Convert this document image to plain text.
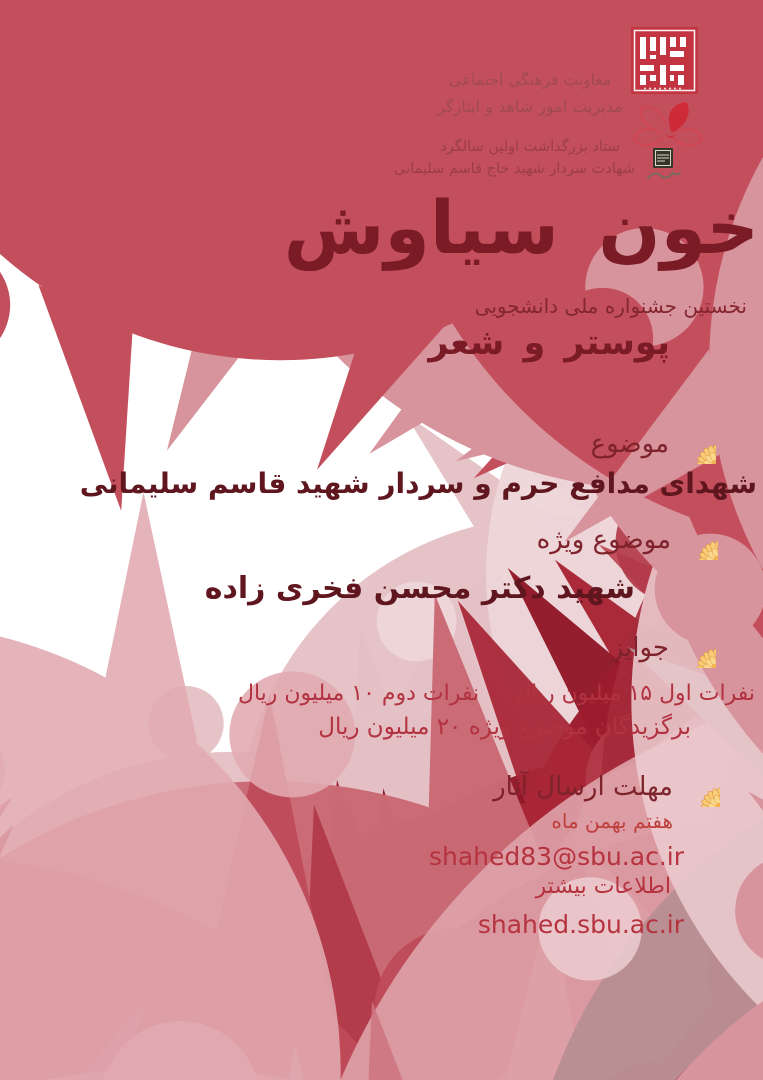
معاونت فرهنگی اجتماعی
مدیریت امور شاهد و ایثارگر
ستاد بزرگداشت اولین سالگرد
شهادت سردار شهید حاج قاسم سلیمانی
خون سیاوش
نخستین جشنواره ملی دانشجویی
پوستر و شعر
موضوع
شهدای مدافع حرم و سردار شهید قاسم سلیمانی
موضوع ویژه
شهید دکتر محسن فخری زاده
جوایز
نفرات اول ۱۵ میلیون ریال
نفرات دوم ۱۰ میلیون ریال
برگزیدگان موضوع ویژه ۲۰ میلیون ریال
مهلت ارسال آثار
هفتم بهمن ماه
shahed83@sbu.ac.ir
اطلاعات بیشتر
shahed.sbu.ac.ir
